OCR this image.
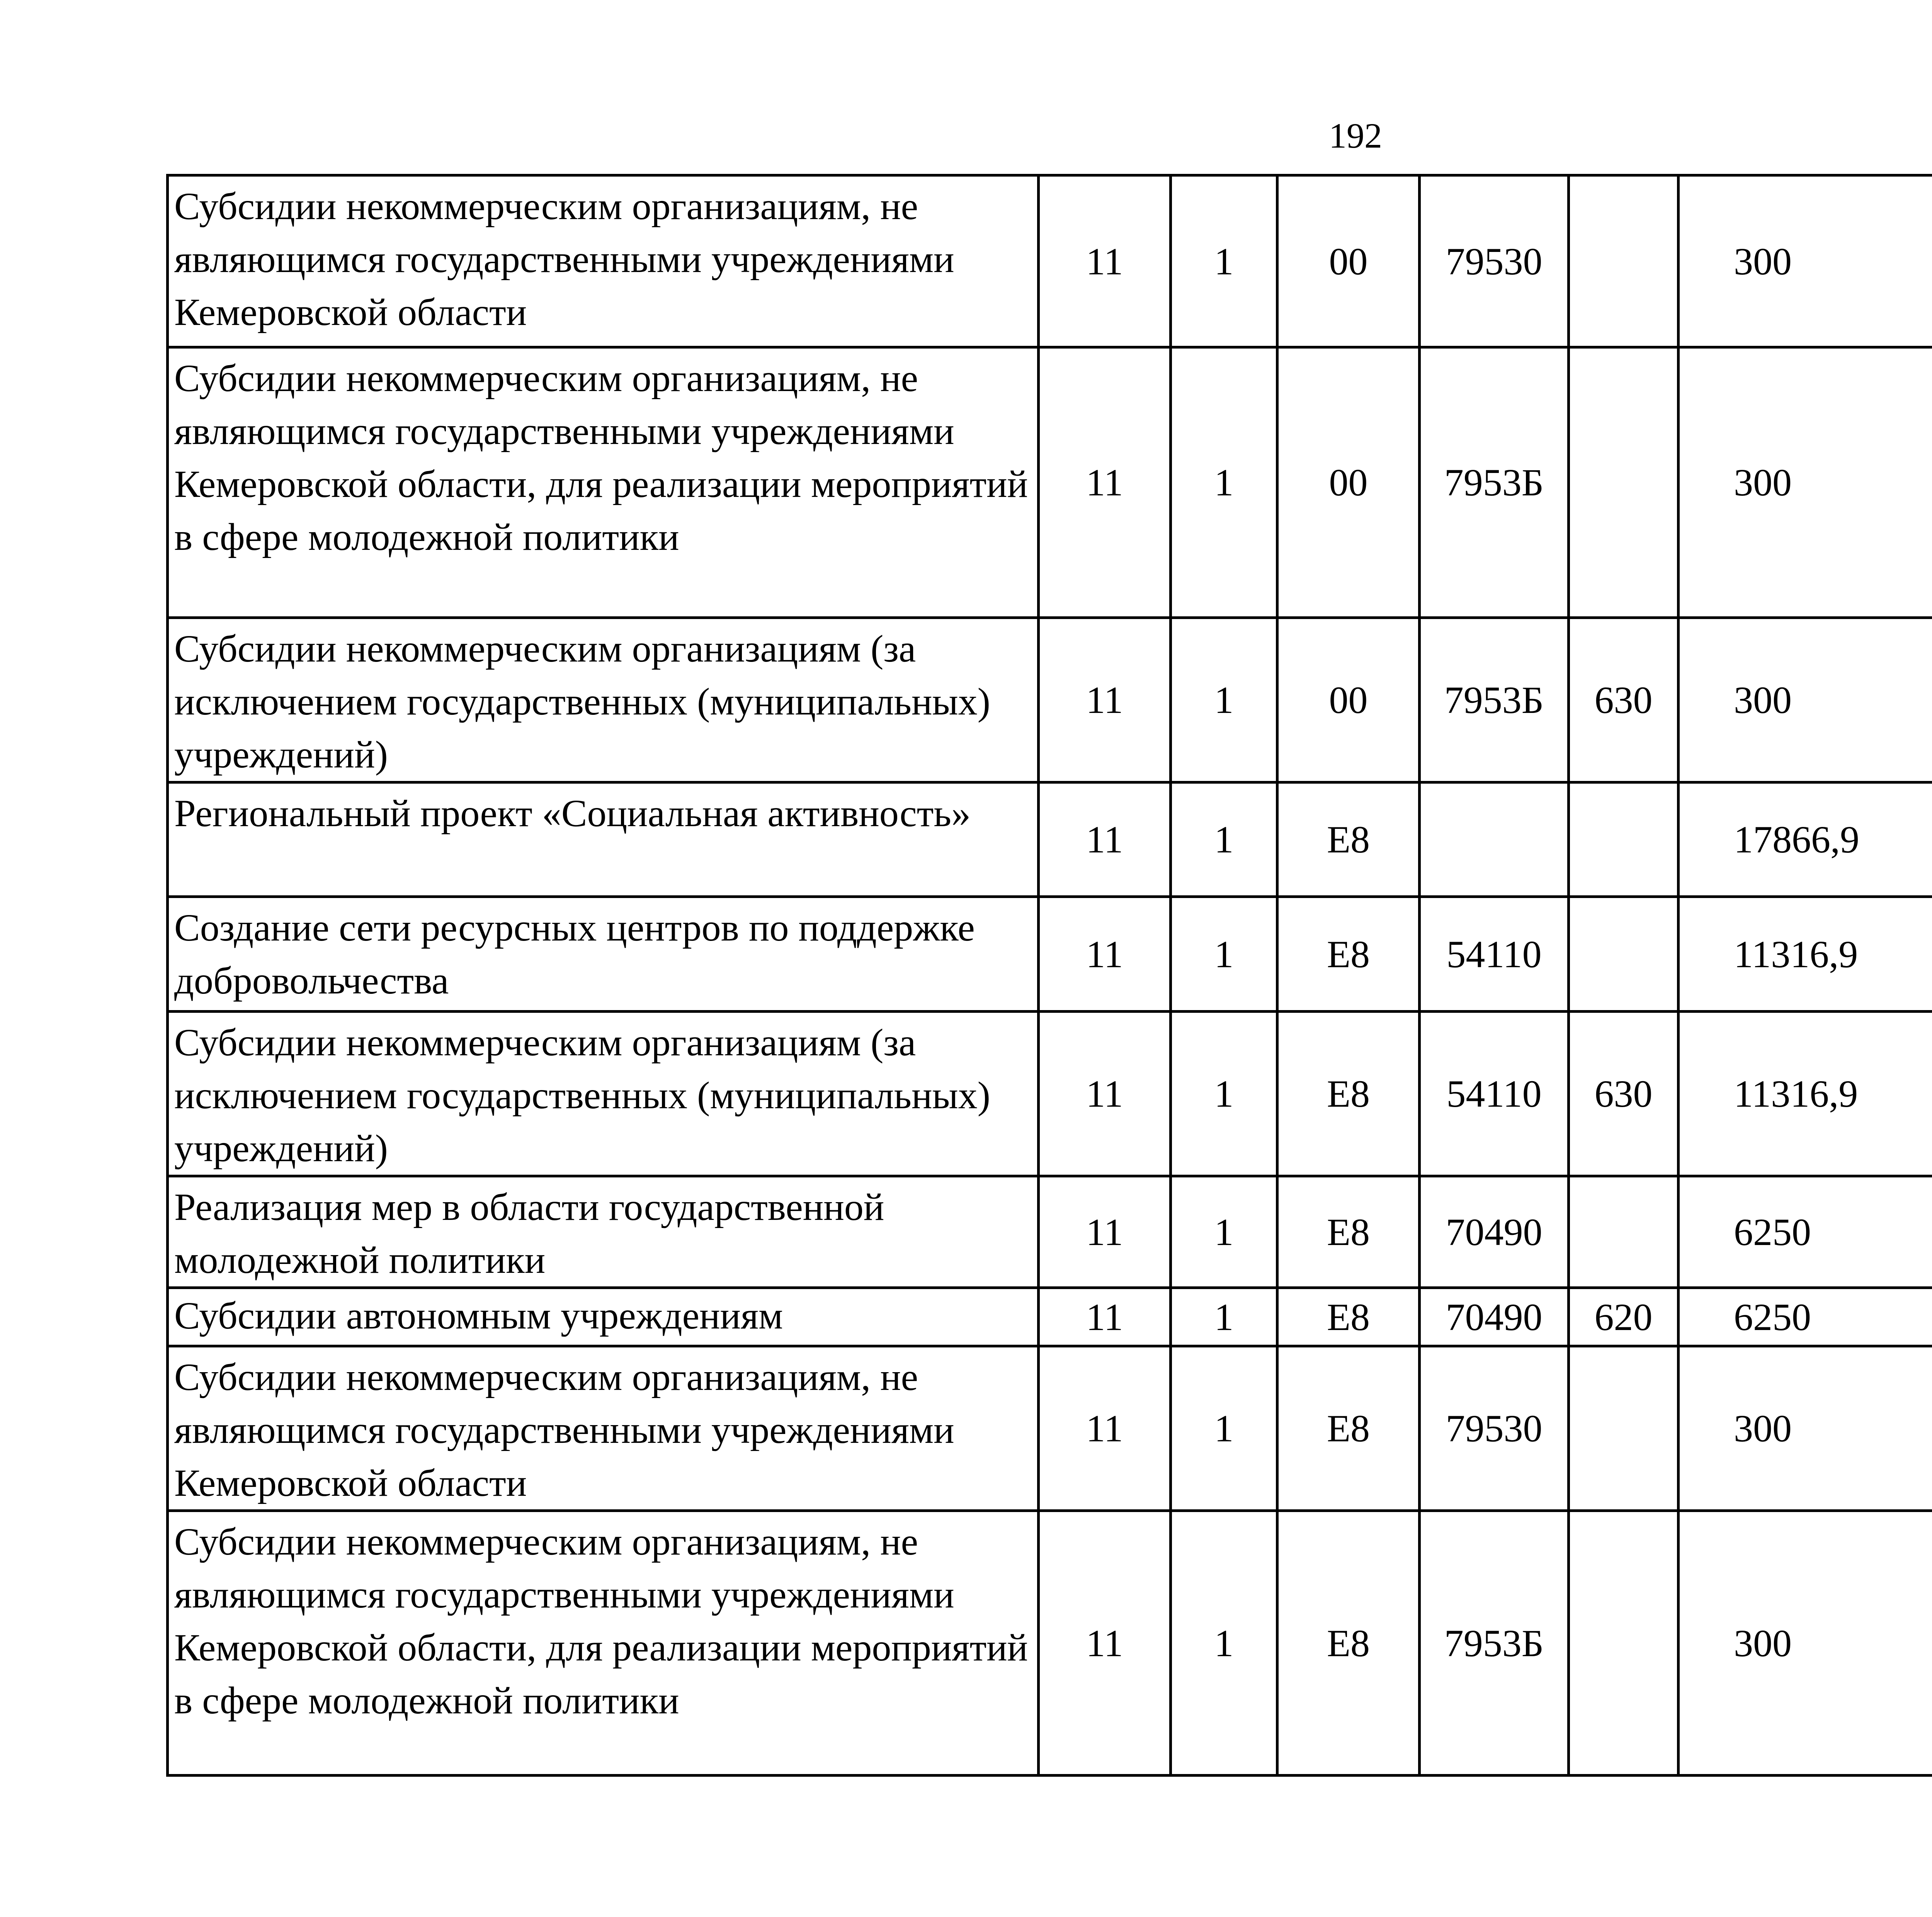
192
Субсидии некоммерческим организациям, не являющимся государственными учреждениями Кемеровской области	11	1	00	79530		300		
Субсидии некоммерческим организациям, не являющимся государственными учреждениями Кемеровской области, для реализации мероприятий в сфере молодежной политики	11	1	00	7953Б		300		
Субсидии некоммерческим организациям (за исключением государственных (муниципальных) учреждений)	11	1	00	7953Б	630	300		
Региональный проект «Социальная активность»	11	1	Е8			17866,9		
Создание сети ресурсных центров по поддержке добровольчества	11	1	Е8	54110		11316,9		
Субсидии некоммерческим организациям (за исключением государственных (муниципальных) учреждений)	11	1	Е8	54110	630	11316,9		
Реализация мер в области государственной молодежной политики	11	1	Е8	70490		6250		
Субсидии автономным учреждениям	11	1	Е8	70490	620	6250		
Субсидии некоммерческим организациям, не являющимся государственными учреждениями Кемеровской области	11	1	Е8	79530		300		
Субсидии некоммерческим организациям, не являющимся государственными учреждениями Кемеровской области, для реализации мероприятий в сфере молодежной политики	11	1	Е8	7953Б		300		
